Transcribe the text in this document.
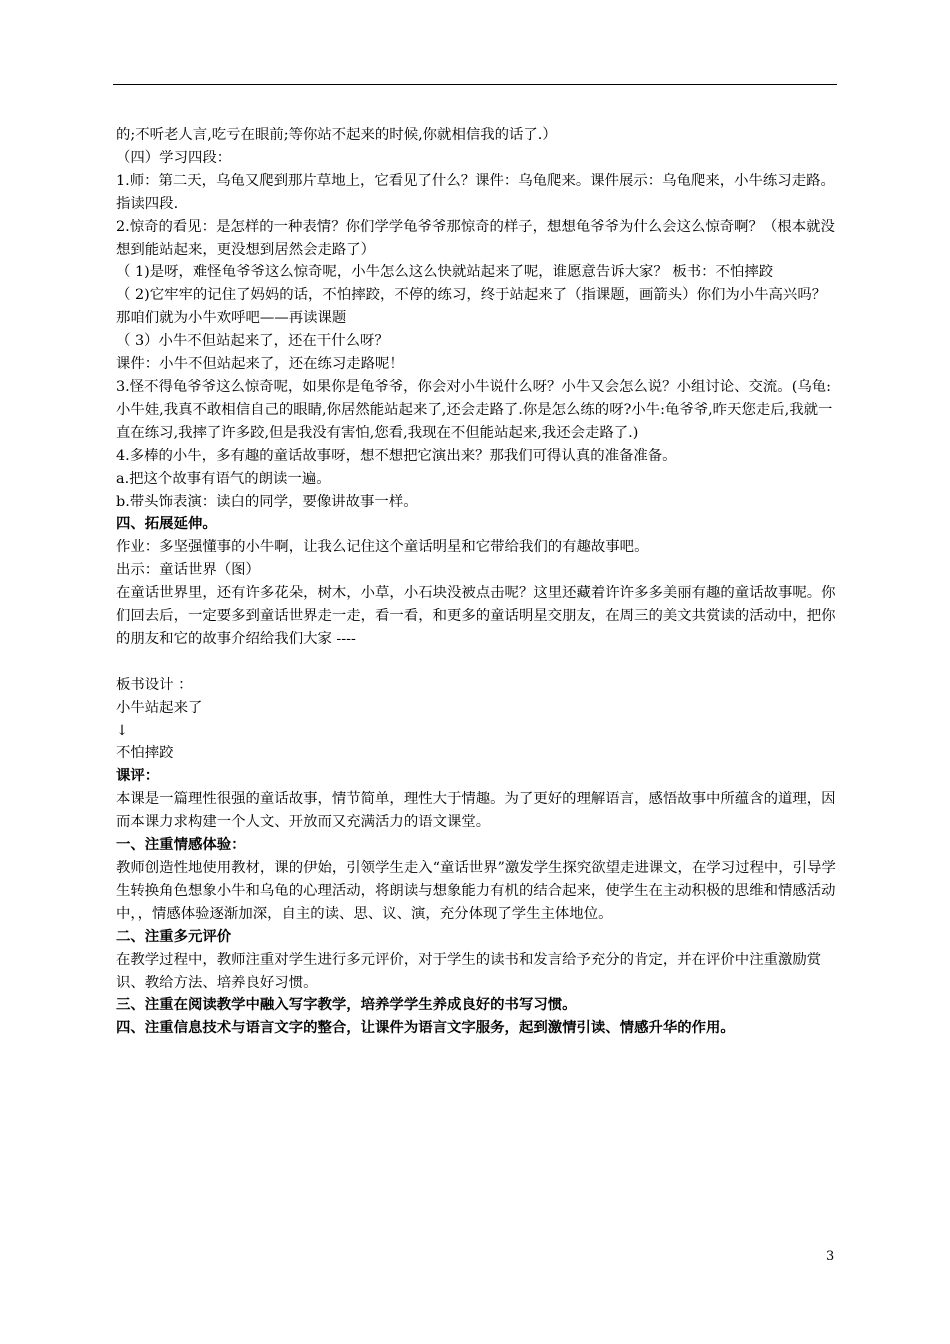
的;不听老人言,吃亏在眼前;等你站不起来的时候,你就相信我的话了.）

（四）学习四段：

1.师：第二天，乌龟又爬到那片草地上，它看见了什么？课件：乌龟爬来。课件展示：乌龟爬来，小牛练习走路。指读四段.

2.惊奇的看见：是怎样的一种表情？你们学学龟爷爷那惊奇的样子，想想龟爷爷为什么会这么惊奇啊？（根本就没想到能站起来，更没想到居然会走路了）

（ 1)是呀，难怪龟爷爷这么惊奇呢，小牛怎么这么快就站起来了呢，谁愿意告诉大家？ 板书：不怕摔跤

（ 2)它牢牢的记住了妈妈的话，不怕摔跤，不停的练习，终于站起来了（指课题，画箭头）你们为小牛高兴吗？那咱们就为小牛欢呼吧——再读课题

（ 3）小牛不但站起来了，还在干什么呀？

课件：小牛不但站起来了，还在练习走路呢！

3.怪不得龟爷爷这么惊奇呢，如果你是龟爷爷，你会对小牛说什么呀？小牛又会怎么说？小组讨论、交流。(乌龟:小牛娃,我真不敢相信自己的眼睛,你居然能站起来了,还会走路了.你是怎么练的呀?小牛:龟爷爷,昨天您走后,我就一直在练习,我摔了许多跤,但是我没有害怕,您看,我现在不但能站起来,我还会走路了.)

4.多棒的小牛，多有趣的童话故事呀，想不想把它演出来？那我们可得认真的准备准备。

a.把这个故事有语气的朗读一遍。

b.带头饰表演：读白的同学，要像讲故事一样。

四、拓展延伸。

作业：多坚强懂事的小牛啊，让我么记住这个童话明星和它带给我们的有趣故事吧。

出示：童话世界（图）

在童话世界里，还有许多花朵，树木，小草，小石块没被点击呢？这里还藏着许许多多美丽有趣的童话故事呢。你们回去后，一定要多到童话世界走一走，看一看，和更多的童话明星交朋友，在周三的美文共赏读的活动中，把你的朋友和它的故事介绍给我们大家 ----

板书设计 ：

小牛站起来了

↓

不怕摔跤

课评：

本课是一篇理性很强的童话故事，情节简单，理性大于情趣。为了更好的理解语言，感悟故事中所蕴含的道理，因而本课力求构建一个人文、开放而又充满活力的语文课堂。

一、注重情感体验：

教师创造性地使用教材，课的伊始，引领学生走入“童话世界”激发学生探究欲望走进课文，在学习过程中，引导学生转换角色想象小牛和乌龟的心理活动，将朗读与想象能力有机的结合起来，使学生在主动积极的思维和情感活动中，，情感体验逐渐加深，自主的读、思、议、演，充分体现了学生主体地位。

二、注重多元评价

在教学过程中，教师注重对学生进行多元评价，对于学生的读书和发言给予充分的肯定，并在评价中注重激励赏识、教给方法、培养良好习惯。

三、注重在阅读教学中融入写字教学，培养学学生养成良好的书写习惯。

四、注重信息技术与语言文字的整合，让课件为语言文字服务，起到激情引读、情感升华的作用。

3
